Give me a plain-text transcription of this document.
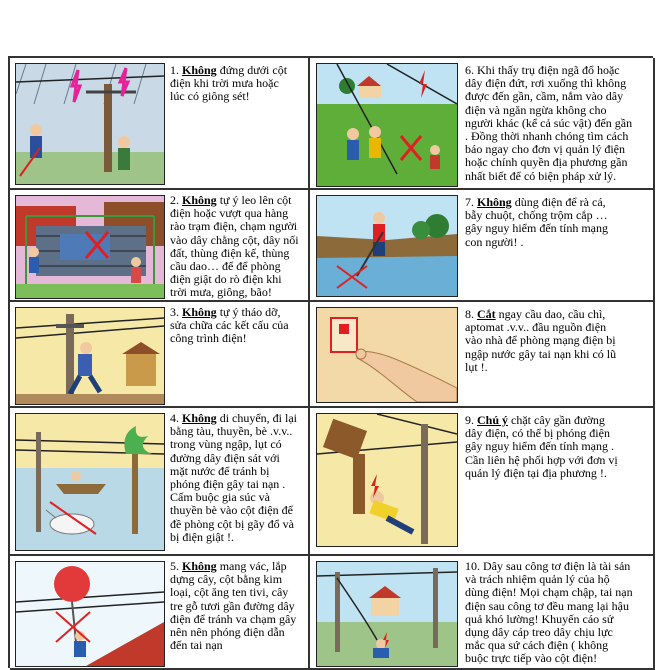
1. Không đứng dưới cột
điện khi trời mưa hoặc
lúc có giông sét!
6. Khi thấy trụ điện ngã đổ hoặc
dây điện đứt, rơi xuống thì không
được đến gần, cầm, nắm vào dây
điện và ngăn ngừa không cho
người khác (kể cả súc vật) đến gần
. Đồng thời nhanh chóng tìm cách
báo ngay cho đơn vị quản lý điện
hoặc chính quyền địa phương gần
nhất biết để có biện pháp xử lý.
2. Không tự ý leo lên cột
điện hoặc vượt qua hàng
rào trạm điện, chạm người
vào dây chằng cột, dây nối
đất, thùng điện kế, thùng
cầu dao… để để phòng
điện giật do rò điện khi
trời mưa, giông, bão!
7. Không dùng điện để rà cá,
bẫy chuột, chống trộm cắp …
gây nguy hiểm đến tính mạng
con người! .
3. Không tự ý tháo dỡ,
sửa chữa các kết cấu của
công trình điện!
8. Cắt ngay cầu dao, cầu chì,
aptomat .v.v.. đầu nguồn điện
vào nhà để phòng mạng điện bị
ngập nước gây tai nạn khi có lũ
lụt !.
4. Không di chuyển, đi lại
bằng tàu, thuyền, bè .v.v..
trong vùng ngập, lụt có
đường dây điện sát với
mặt nước để tránh bị
phóng điện gây tai nạn .
Cấm buộc gia súc và
thuyền bè vào cột điện để
đề phòng cột bị gãy đổ và
bị điện giật !.
9. Chú ý chặt cây gần đường
dây điện, có thể bị phóng điện
gây nguy hiểm đến tính mạng .
Cần liên hệ phối hợp với đơn vị
quản lý điện tại địa phương !.
5. Không mang vác, lắp
dựng cây, cột bằng kim
loại, cột ăng ten tivi, cây
tre gỗ tươi gần đường dây
điện để tránh va chạm gây
nên nên phóng điện dẫn
đến tai nạn
10. Dây sau công tơ điện là tài sản
và trách nhiệm quản lý của hộ
dùng điện! Mọi chạm chập, tai nạn
điện sau công tơ đều mang lại hậu
quả khó lường! Khuyến cáo sử
dụng dây cáp treo dây chịu lực
mắc qua sứ cách điện ( không
buộc trực tiếp vào cột điện!
